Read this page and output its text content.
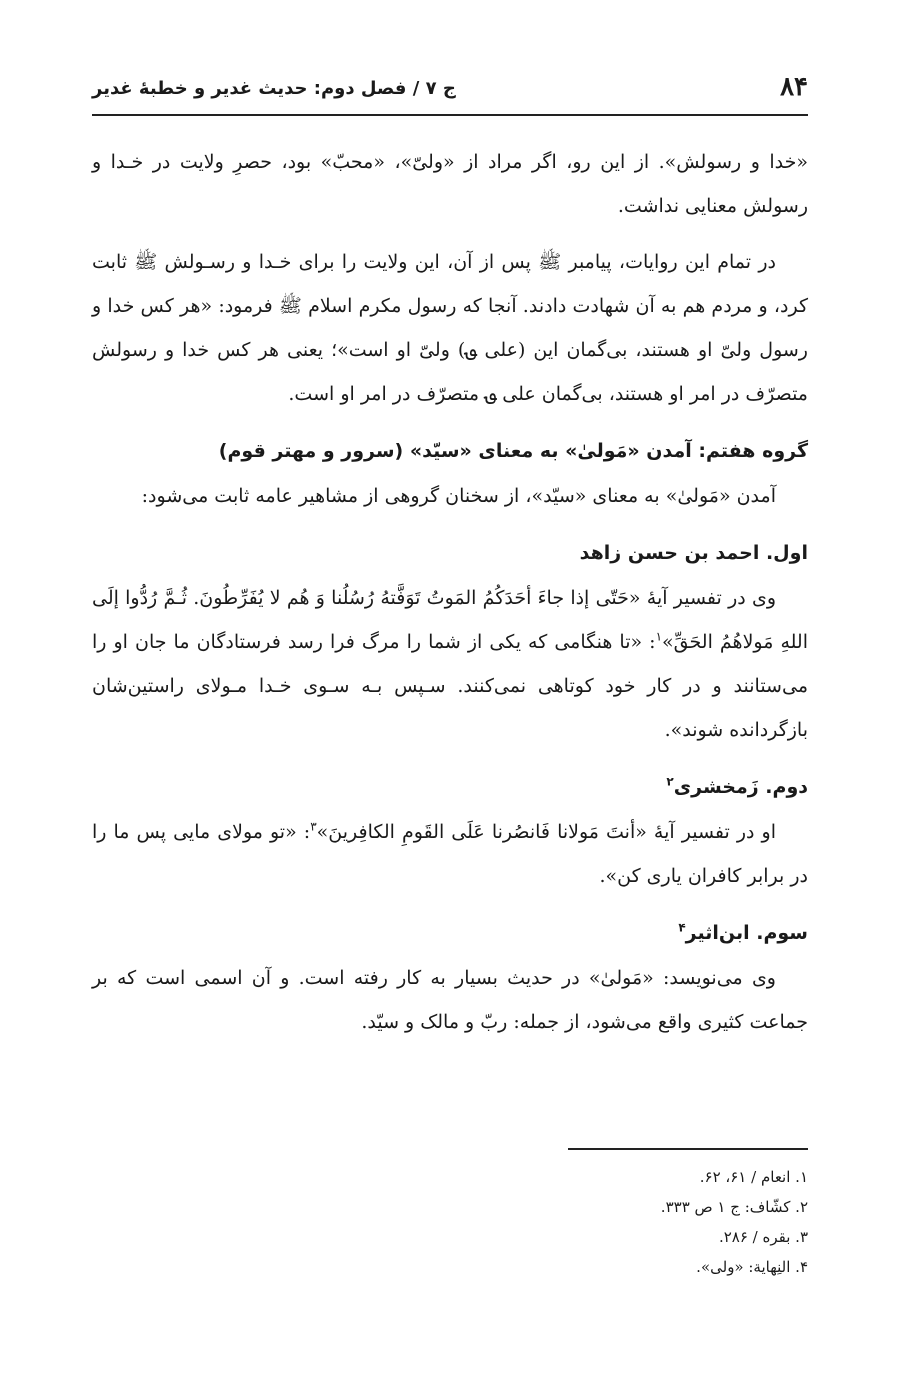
۸۴
ج ۷ / فصل دوم: حدیث غدیر و خطبهٔ غدیر

«خدا و رسولش». از این رو، اگر مراد از «ولیّ»، «محبّ» بود، حصرِ ولایت در خـدا و رسولش معنایی نداشت.

در تمام این روایات، پیامبر ﷺ پس از آن، این ولایت را برای خـدا و رسـولش ﷺ ثابت کرد، و مردم هم به آن شهادت دادند. آنجا که رسول مکرم اسلام ﷺ فرمود: «هر کس خدا و رسول ولیّ او هستند، بی‌گمان این (علی ؈) ولیّ او است»؛ یعنی هر کس خدا و رسولش متصرّف در امر او هستند، بی‌گمان علی ؈ متصرّف در امر او است.

گروه هفتم: آمدن «مَولیٰ» به معنای «سیّد» (سرور و مهتر قوم)

آمدن «مَولیٰ» به معنای «سیّد»، از سخنان گروهی از مشاهیر عامه ثابت می‌شود:

اول. احمد بن حسن زاهد

وی در تفسیر آیهٔ «حَتّی إذا جاءَ أحَدَکُمُ المَوتُ تَوَفَّتهُ رُسُلُنا وَ هُم لا یُفَرِّطُونَ. ثُـمَّ رُدُّوا إلَی اللهِ مَولاهُمُ الحَقِّ»$^۱$: «تا هنگامی که یکی از شما را مرگ فرا رسد فرستادگان ما جان او را می‌ستانند و در کار خود کوتاهی نمی‌کنند. سـپس بـه سـوی خـدا مـولای راستین‌شان بازگردانده شوند».

دوم. زَمخشری$^۲$

او در تفسیر آیهٔ «أنتَ مَولانا فَانصُرنا عَلَی القَومِ الکافِرینَ»$^۳$: «تو مولای مایی پس ما را در برابر کافران یاری کن».

سوم. ابن‌اثیر$^۴$

وی می‌نویسد: «مَولیٰ» در حدیث بسیار به کار رفته است. و آن اسمی است که بر جماعت کثیری واقع می‌شود، از جمله: ربّ و مالک و سیّد.

۱. انعام / ۶۱، ۶۲.
۲. کشّاف: ج ۱ ص ۳۳۳.
۳. بقره / ۲۸۶.
۴. النِهایة: «ولی».
